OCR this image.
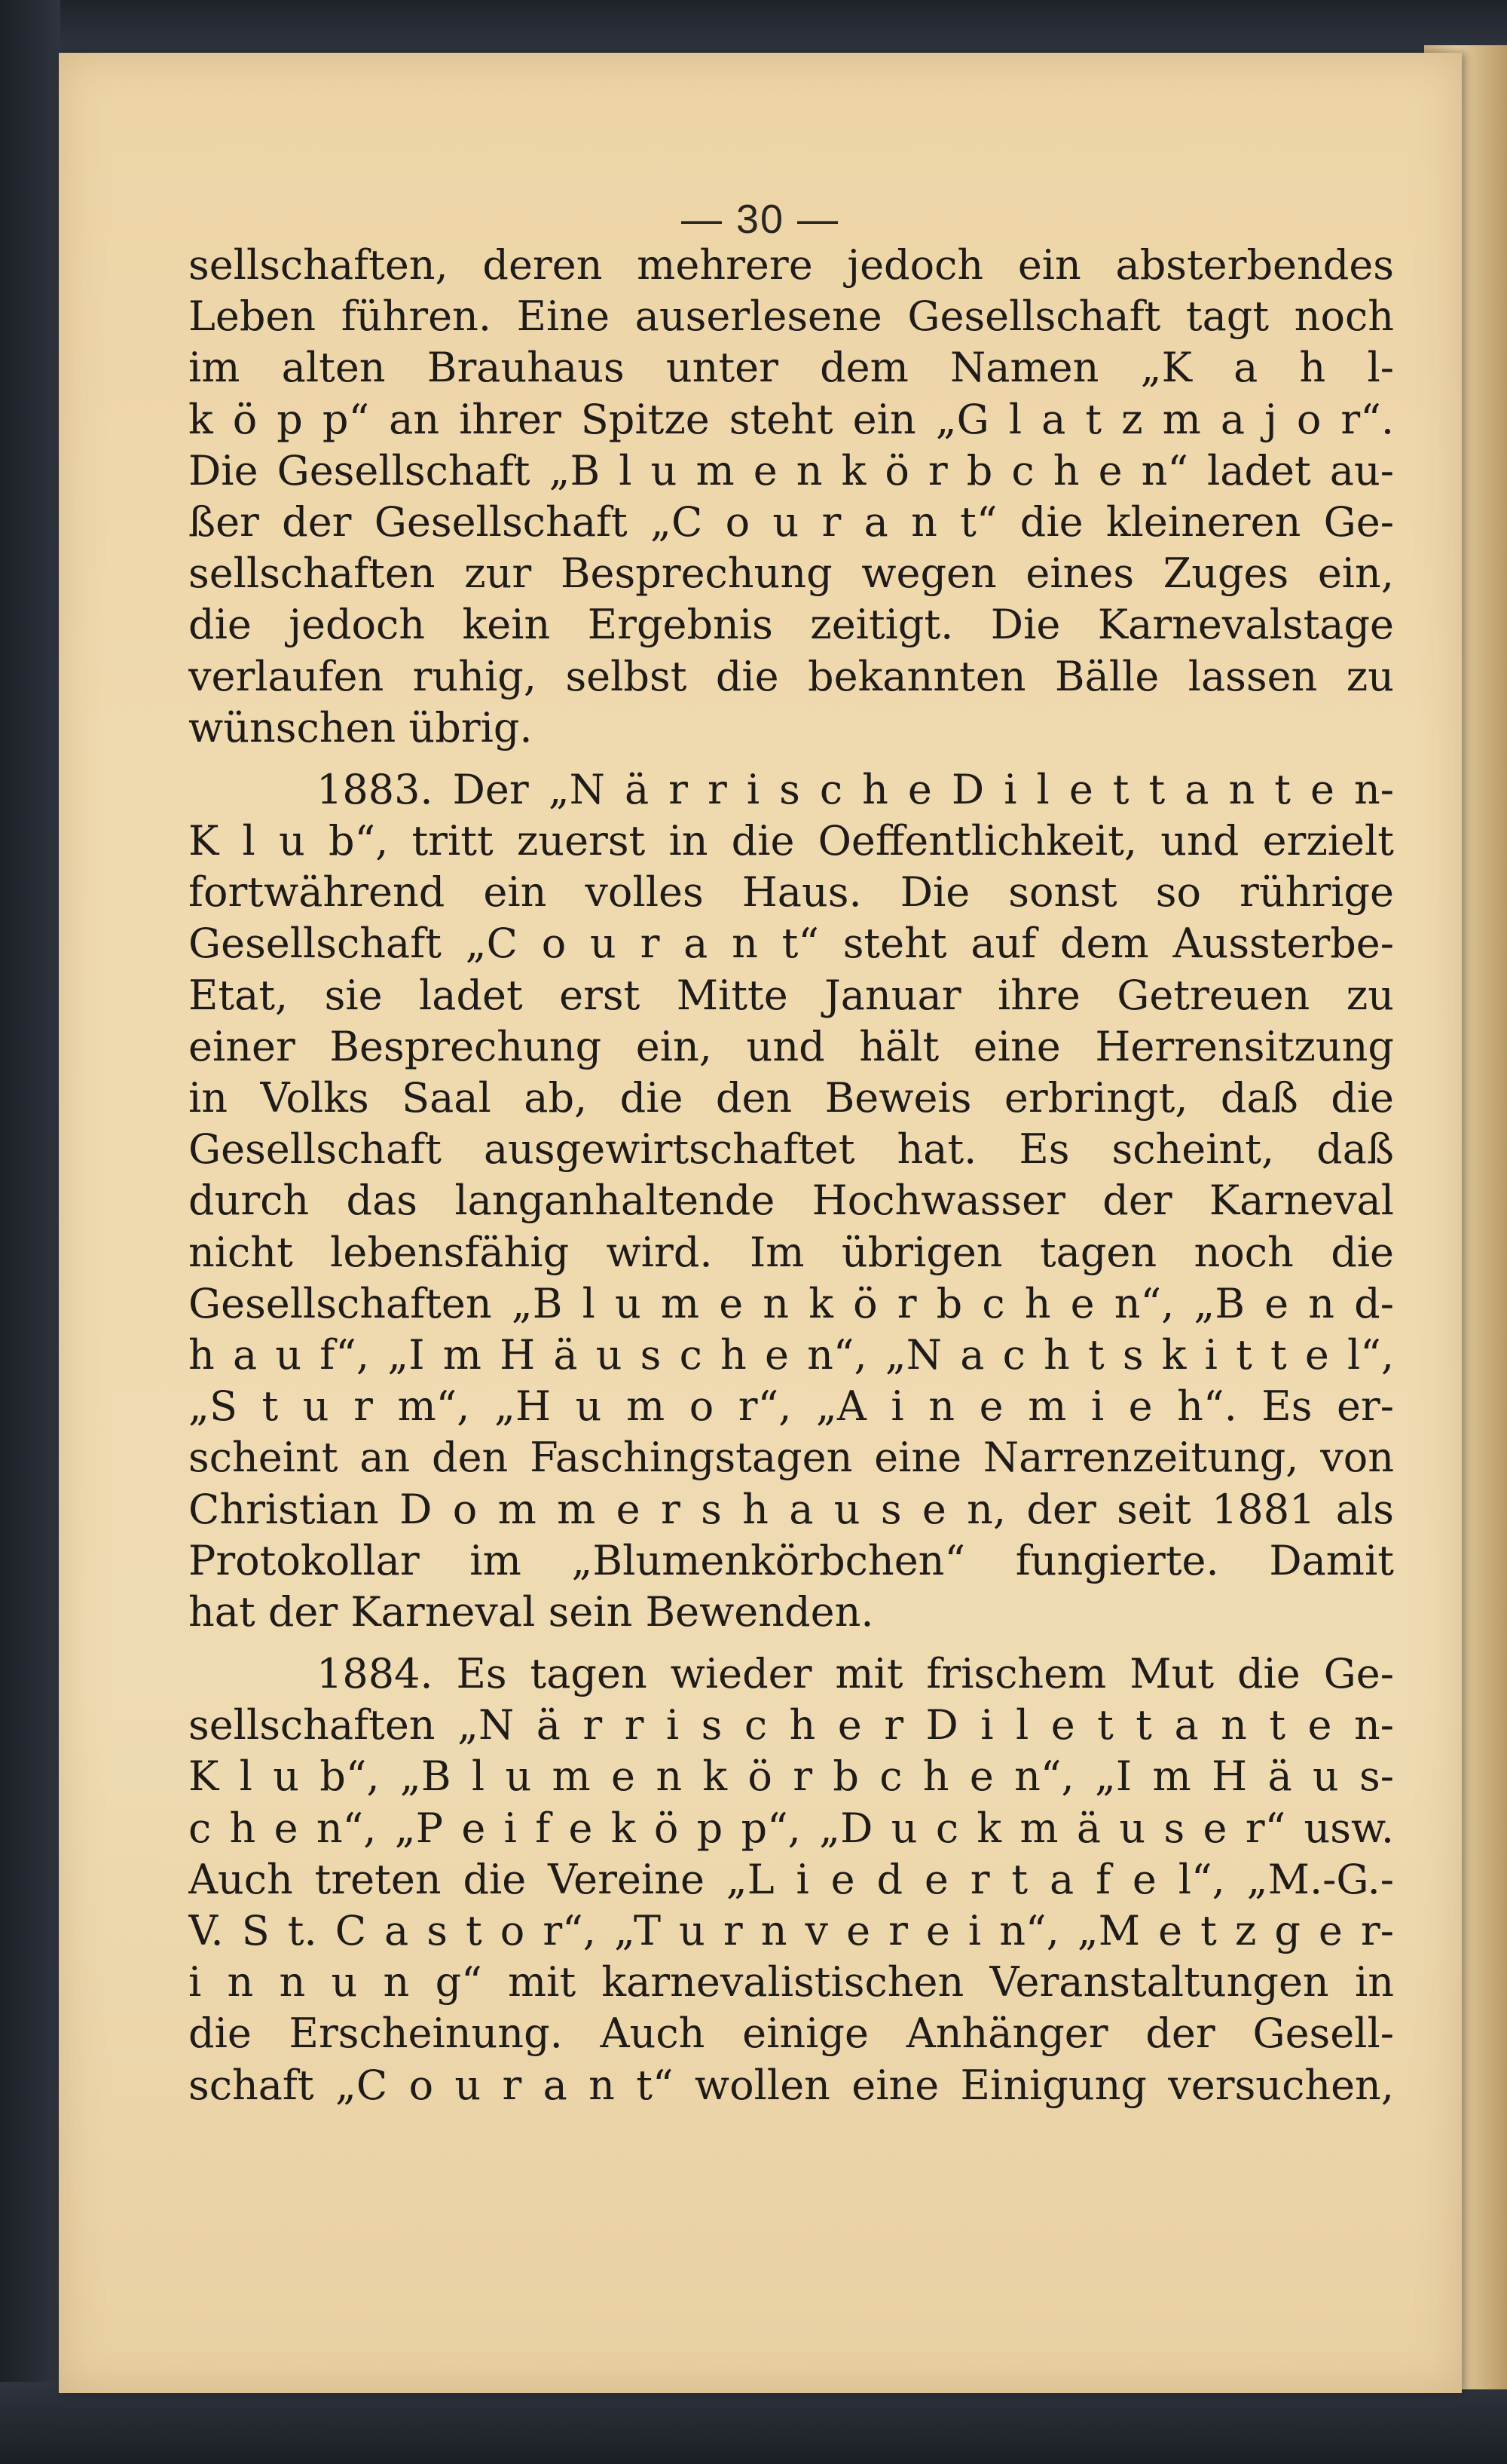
— 30 —
sellschaften, deren mehrere jedoch ein absterbendes
Leben führen. Eine auserlesene Gesellschaft tagt noch
im alten Brauhaus unter dem Namen „K a h l-
k ö p p“ an ihrer Spitze steht ein „G l a t z m a j o r“.
Die Gesellschaft „B l u m e n k ö r b c h e n“ ladet au-
ßer der Gesellschaft „C o u r a n t“ die kleineren Ge-
sellschaften zur Besprechung wegen eines Zuges ein,
die jedoch kein Ergebnis zeitigt. Die Karnevalstage
verlaufen ruhig, selbst die bekannten Bälle lassen zu
wünschen übrig.
1883. Der „N ä r r i s c h e D i l e t t a n t e n-
K l u b“, tritt zuerst in die Oeffentlichkeit, und erzielt
fortwährend ein volles Haus. Die sonst so rührige
Gesellschaft „C o u r a n t“ steht auf dem Aussterbe-
Etat, sie ladet erst Mitte Januar ihre Getreuen zu
einer Besprechung ein, und hält eine Herrensitzung
in Volks Saal ab, die den Beweis erbringt, daß die
Gesellschaft ausgewirtschaftet hat. Es scheint, daß
durch das langanhaltende Hochwasser der Karneval
nicht lebensfähig wird. Im übrigen tagen noch die
Gesellschaften „B l u m e n k ö r b c h e n“, „B e n d-
h a u f“, „I m H ä u s c h e n“, „N a c h t s k i t t e l“,
„S t u r m“, „H u m o r“, „A i n e m i e h“. Es er-
scheint an den Faschingstagen eine Narrenzeitung, von
Christian D o m m e r s h a u s e n, der seit 1881 als
Protokollar im „Blumenkörbchen“ fungierte. Damit
hat der Karneval sein Bewenden.
1884. Es tagen wieder mit frischem Mut die Ge-
sellschaften „N ä r r i s c h e r D i l e t t a n t e n-
K l u b“, „B l u m e n k ö r b c h e n“, „I m H ä u s-
c h e n“, „P e i f e k ö p p“, „D u c k m ä u s e r“ usw.
Auch treten die Vereine „L i e d e r t a f e l“, „M.-G.-
V. S t. C a s t o r“, „T u r n v e r e i n“, „M e t z g e r-
i n n u n g“ mit karnevalistischen Veranstaltungen in
die Erscheinung. Auch einige Anhänger der Gesell-
schaft „C o u r a n t“ wollen eine Einigung versuchen,
